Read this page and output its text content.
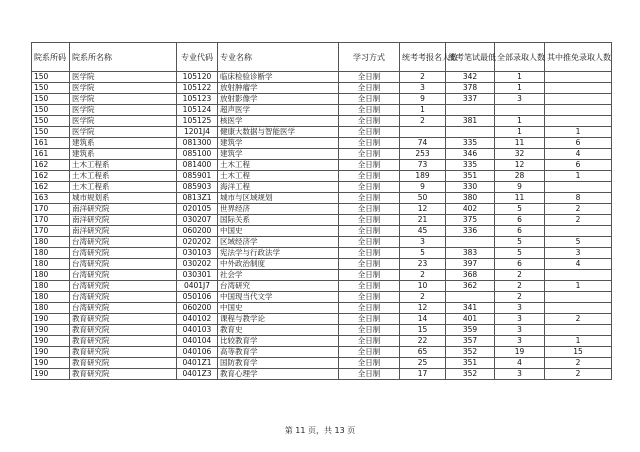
院系所码	院系所名称	专业代码	专业名称	学习方式	统考考报名人数	统考笔试最低	全部录取人数	其中推免录取人数
150	医学院	105120	临床检验诊断学	全日制	2	342	1	
150	医学院	105122	放射肿瘤学	全日制	3	378	1	
150	医学院	105123	放射影像学	全日制	9	337	3	
150	医学院	105124	超声医学	全日制	1			
150	医学院	105125	核医学	全日制	2	381	1	
150	医学院	1201J4	健康大数据与智能医学	全日制			1	1
161	建筑系	081300	建筑学	全日制	74	335	11	6
161	建筑系	085100	建筑学	全日制	253	346	32	4
162	土木工程系	081400	土木工程	全日制	73	335	12	6
162	土木工程系	085901	土木工程	全日制	189	351	28	1
162	土木工程系	085903	海洋工程	全日制	9	330	9	
163	城市规划系	0813Z1	城市与区域规划	全日制	50	380	11	8
170	南洋研究院	020105	世界经济	全日制	12	402	5	2
170	南洋研究院	030207	国际关系	全日制	21	375	6	2
170	南洋研究院	060200	中国史	全日制	45	336	6	
180	台湾研究院	020202	区域经济学	全日制	3		5	5
180	台湾研究院	030103	宪法学与行政法学	全日制	5	383	5	3
180	台湾研究院	030202	中外政治制度	全日制	23	397	6	4
180	台湾研究院	030301	社会学	全日制	2	368	2	
180	台湾研究院	0401J7	台湾研究	全日制	10	362	2	1
180	台湾研究院	050106	中国现当代文学	全日制	2		2	
180	台湾研究院	060200	中国史	全日制	12	341	3	
190	教育研究院	040102	课程与教学论	全日制	14	401	3	2
190	教育研究院	040103	教育史	全日制	15	359	3	
190	教育研究院	040104	比较教育学	全日制	22	357	3	1
190	教育研究院	040106	高等教育学	全日制	65	352	19	15
190	教育研究院	0401Z1	国防教育学	全日制	25	351	4	2
190	教育研究院	0401Z3	教育心理学	全日制	17	352	3	2
第 11 页，共 13 页
